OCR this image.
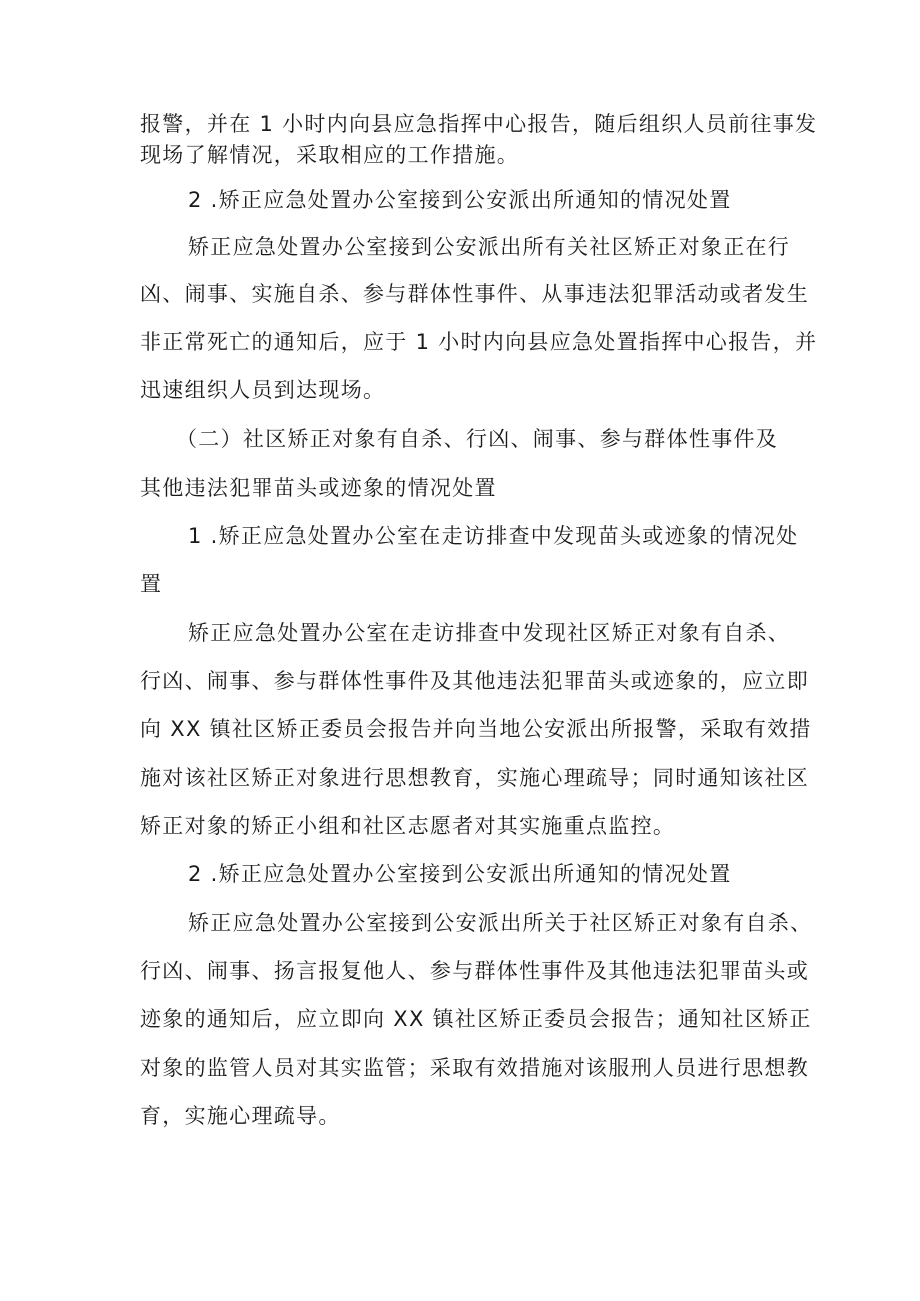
报警，并在 1 小时内向县应急指挥中心报告，随后组织人员前往事发
现场了解情况，采取相应的工作措施。
2 .矫正应急处置办公室接到公安派出所通知的情况处置
矫正应急处置办公室接到公安派出所有关社区矫正对象正在行
凶、闹事、实施自杀、参与群体性事件、从事违法犯罪活动或者发生
非正常死亡的通知后，应于 1 小时内向县应急处置指挥中心报告，并
迅速组织人员到达现场。
（二）社区矫正对象有自杀、行凶、闹事、参与群体性事件及
其他违法犯罪苗头或迹象的情况处置
1 .矫正应急处置办公室在走访排查中发现苗头或迹象的情况处
置
矫正应急处置办公室在走访排查中发现社区矫正对象有自杀、
行凶、闹事、参与群体性事件及其他违法犯罪苗头或迹象的，应立即
向 XX 镇社区矫正委员会报告并向当地公安派出所报警，采取有效措
施对该社区矫正对象进行思想教育，实施心理疏导；同时通知该社区
矫正对象的矫正小组和社区志愿者对其实施重点监控。
2 .矫正应急处置办公室接到公安派出所通知的情况处置
矫正应急处置办公室接到公安派出所关于社区矫正对象有自杀、
行凶、闹事、扬言报复他人、参与群体性事件及其他违法犯罪苗头或
迹象的通知后，应立即向 XX 镇社区矫正委员会报告；通知社区矫正
对象的监管人员对其实监管；采取有效措施对该服刑人员进行思想教
育，实施心理疏导。
